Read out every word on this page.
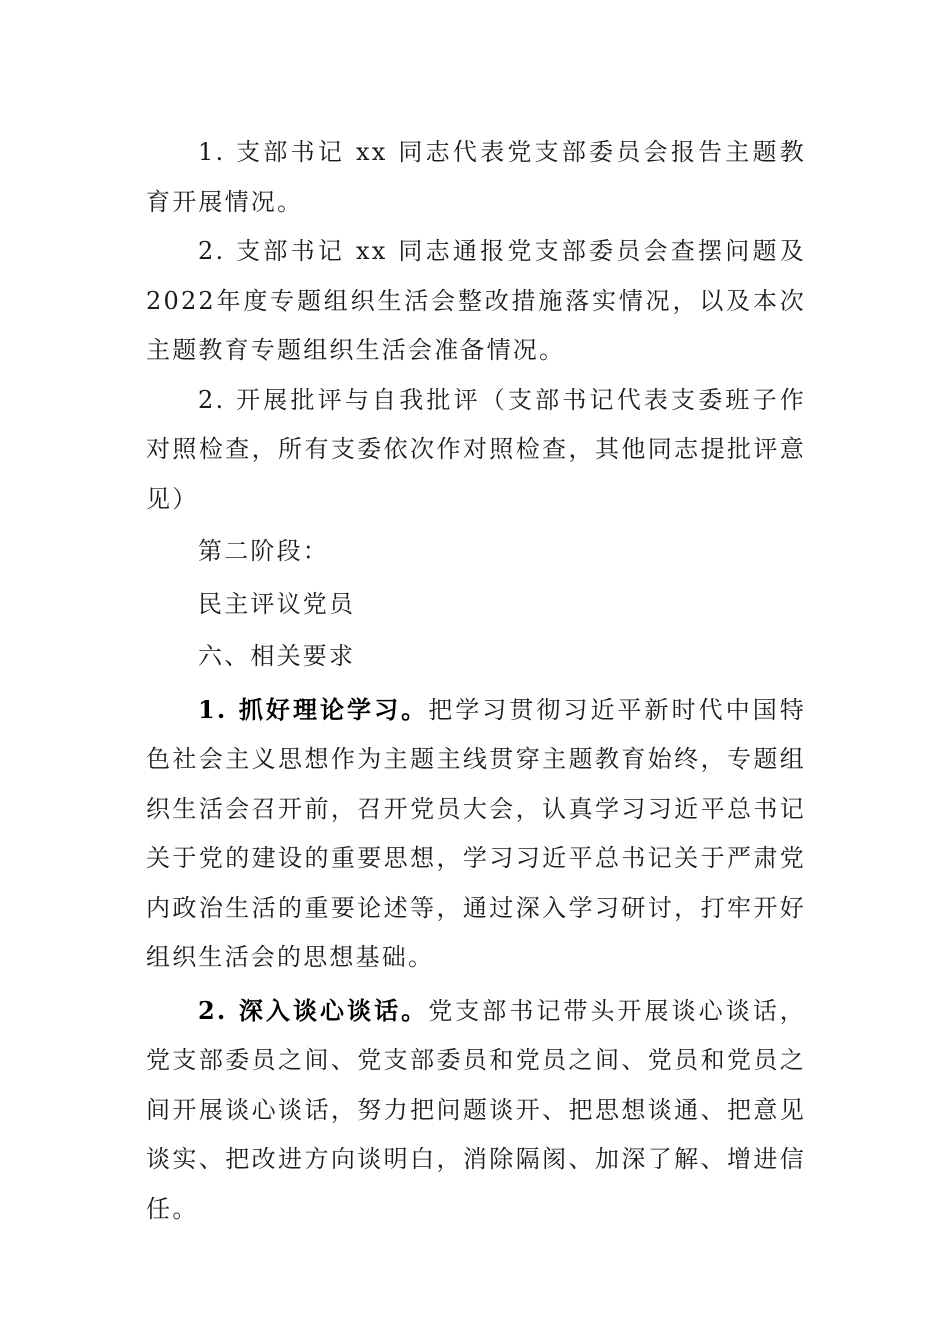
1. 支部书记 xx 同志代表党支部委员会报告主题教育开展情况。

2. 支部书记 xx 同志通报党支部委员会查摆问题及2022年度专题组织生活会整改措施落实情况，以及本次主题教育专题组织生活会准备情况。

2. 开展批评与自我批评（支部书记代表支委班子作对照检查，所有支委依次作对照检查，其他同志提批评意见）

第二阶段：

民主评议党员

六、相关要求

1. 抓好理论学习。把学习贯彻习近平新时代中国特色社会主义思想作为主题主线贯穿主题教育始终，专题组织生活会召开前，召开党员大会，认真学习习近平总书记关于党的建设的重要思想，学习习近平总书记关于严肃党内政治生活的重要论述等，通过深入学习研讨，打牢开好组织生活会的思想基础。

2. 深入谈心谈话。党支部书记带头开展谈心谈话，党支部委员之间、党支部委员和党员之间、党员和党员之间开展谈心谈话，努力把问题谈开、把思想谈通、把意见谈实、把改进方向谈明白，消除隔阂、加深了解、增进信任。
